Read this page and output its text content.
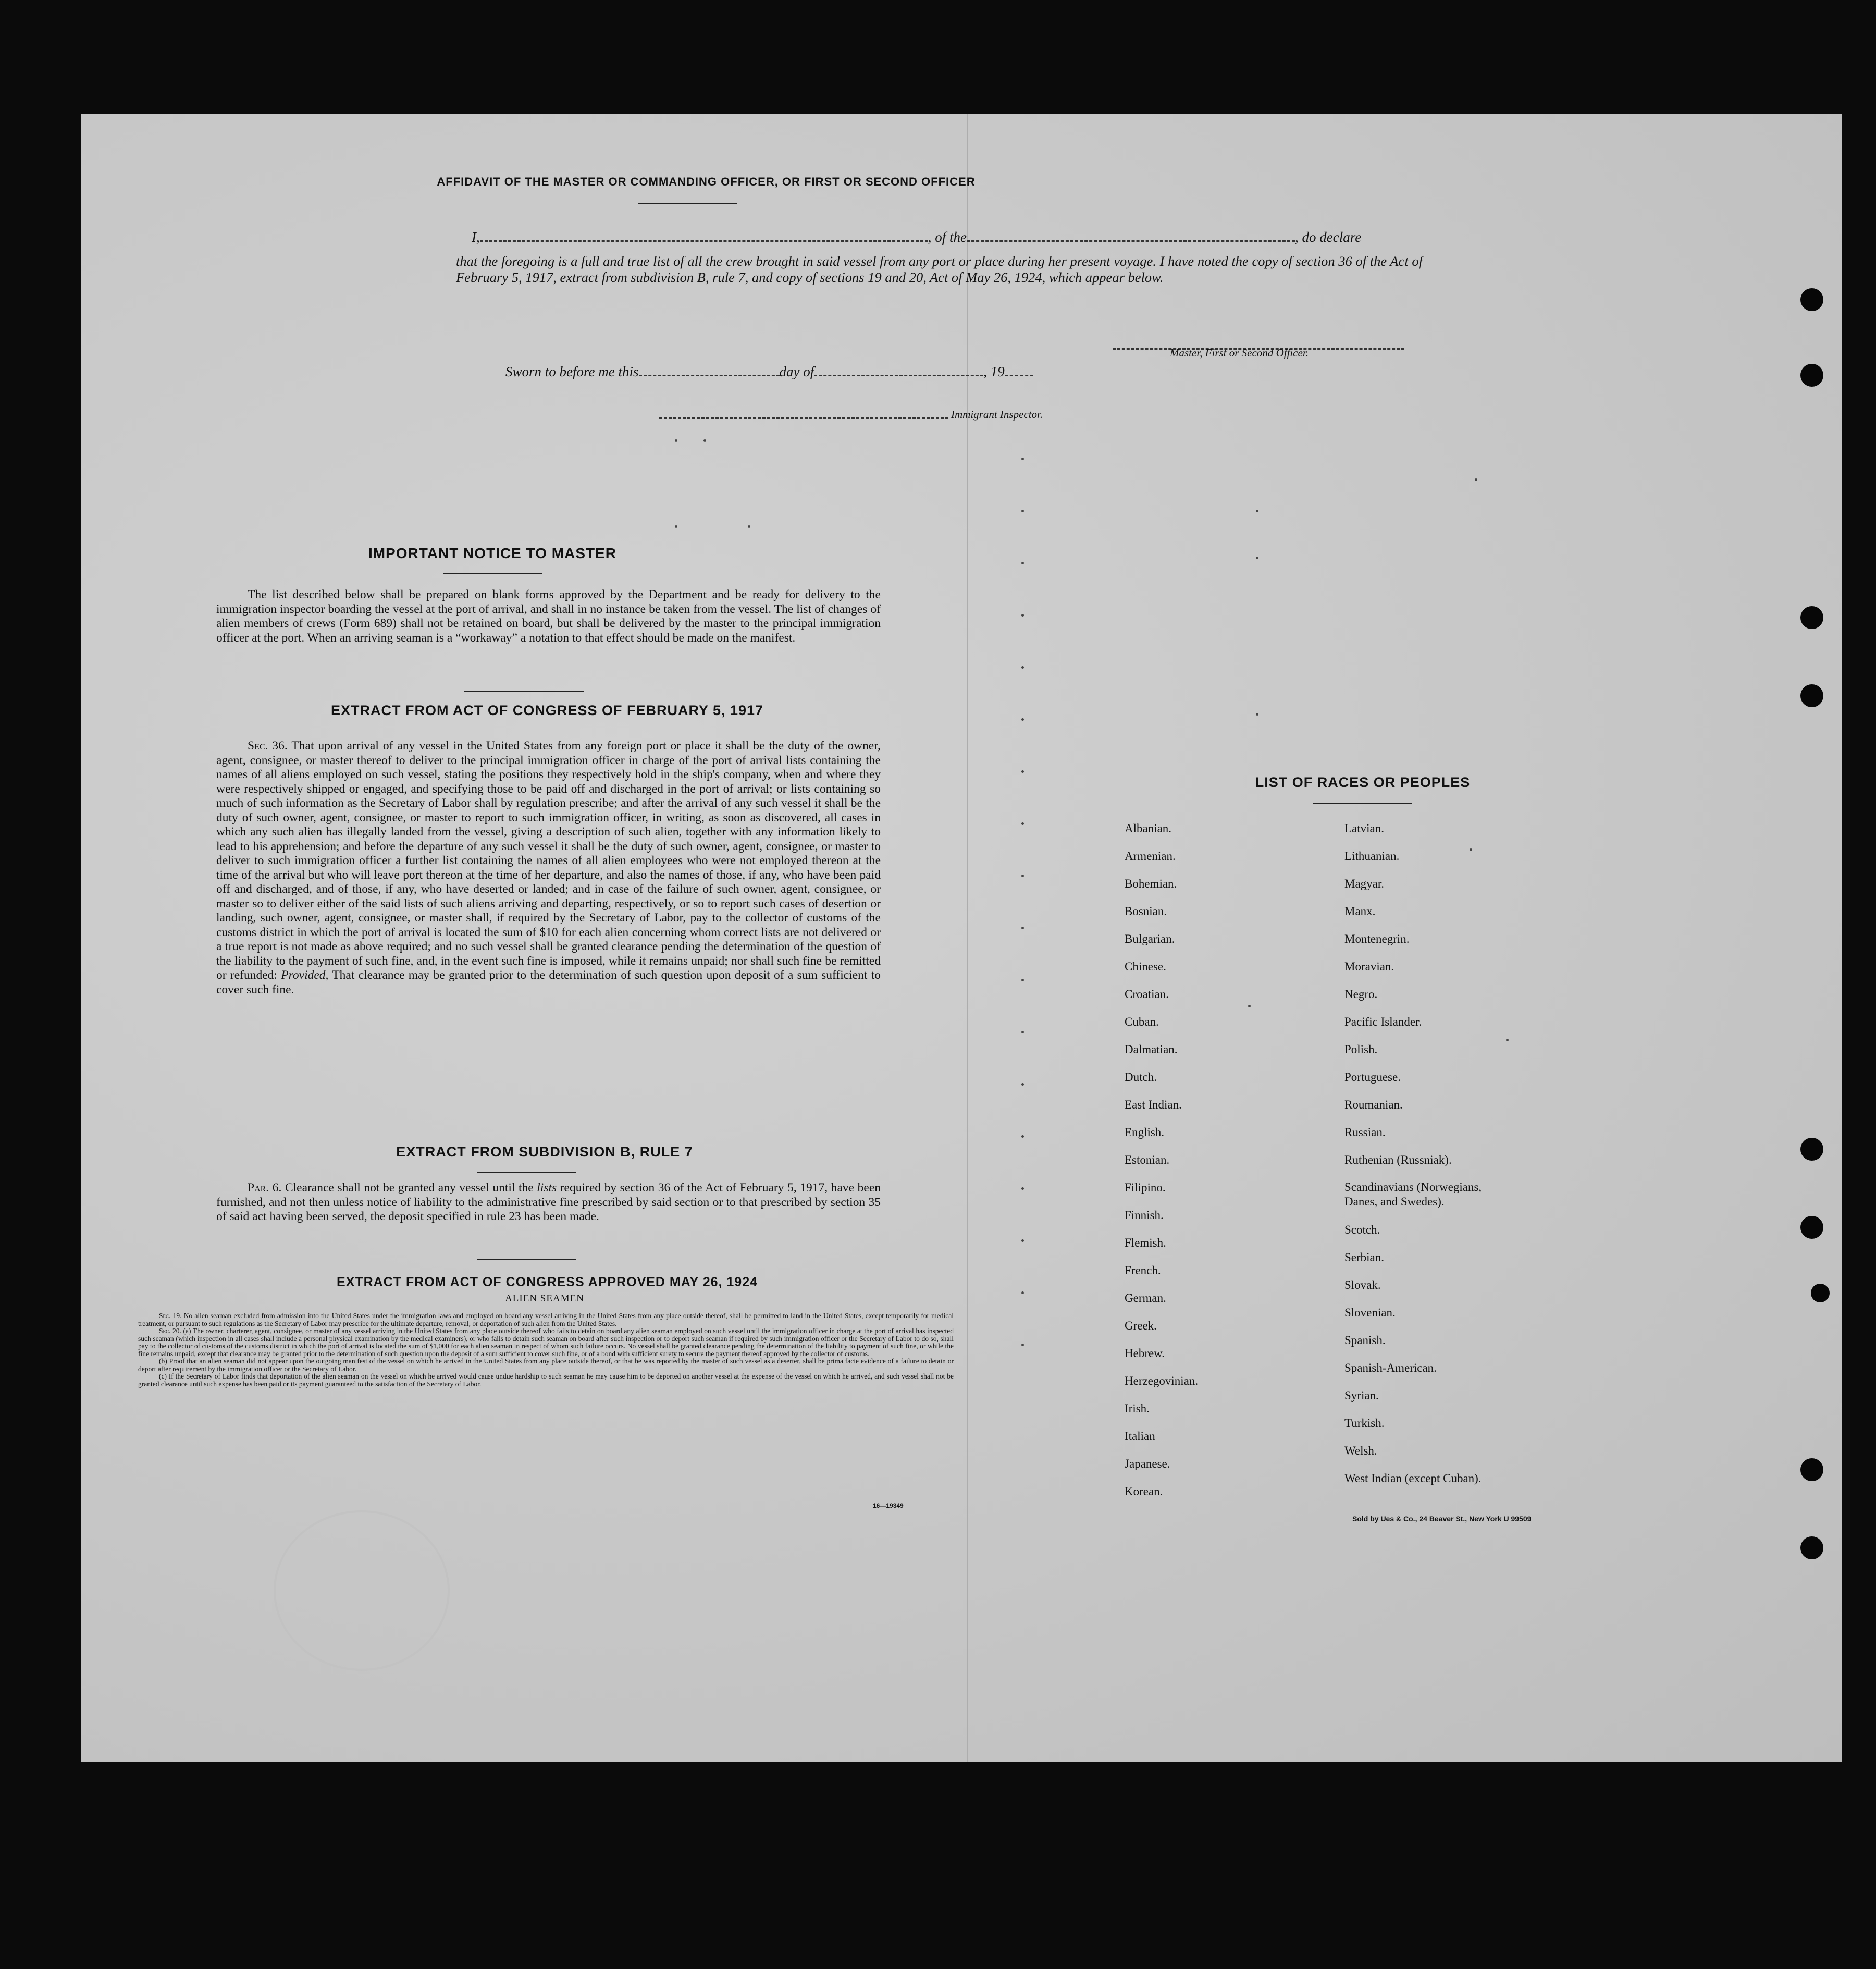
AFFIDAVIT OF THE MASTER OR COMMANDING OFFICER, OR FIRST OR SECOND OFFICER
I,	, of the	, do declare
that the foregoing is a full and true list of all the crew brought in said vessel from any port or place during her present voyage. I have noted the copy of section 36 of the Act of February 5, 1917, extract from subdivision B, rule 7, and copy of sections 19 and 20, Act of May 26, 1924, which appear below.
Master, First or Second Officer.
Sworn to before me this	day of	, 19
Immigrant Inspector.
IMPORTANT NOTICE TO MASTER

The list described below shall be prepared on blank forms approved by the Department and be ready for delivery to the immigration inspector boarding the vessel at the port of arrival, and shall in no instance be taken from the vessel. The list of changes of alien members of crews (Form 689) shall not be retained on board, but shall be delivered by the master to the principal immigration officer at the port. When an arriving seaman is a “workaway” a notation to that effect should be made on the manifest.

EXTRACT FROM ACT OF CONGRESS OF FEBRUARY 5, 1917

Sec. 36. That upon arrival of any vessel in the United States from any foreign port or place it shall be the duty of the owner, agent, consignee, or master thereof to deliver to the principal immigration officer in charge of the port of arrival lists containing the names of all aliens employed on such vessel, stating the positions they respectively hold in the ship's company, when and where they were respectively shipped or engaged, and specifying those to be paid off and discharged in the port of arrival; or lists containing so much of such information as the Secretary of Labor shall by regulation prescribe; and after the arrival of any such vessel it shall be the duty of such owner, agent, consignee, or master to report to such immigration officer, in writing, as soon as discovered, all cases in which any such alien has illegally landed from the vessel, giving a description of such alien, together with any information likely to lead to his apprehension; and before the departure of any such vessel it shall be the duty of such owner, agent, consignee, or master to deliver to such immigration officer a further list containing the names of all alien employees who were not employed thereon at the time of the arrival but who will leave port thereon at the time of her departure, and also the names of those, if any, who have been paid off and discharged, and of those, if any, who have deserted or landed; and in case of the failure of such owner, agent, consignee, or master so to deliver either of the said lists of such aliens arriving and departing, respectively, or so to report such cases of desertion or landing, such owner, agent, consignee, or master shall, if required by the Secretary of Labor, pay to the collector of customs of the customs district in which the port of arrival is located the sum of $10 for each alien concerning whom correct lists are not delivered or a true report is not made as above required; and no such vessel shall be granted clearance pending the determination of the question of the liability to the payment of such fine, and, in the event such fine is imposed, while it remains unpaid; nor shall such fine be remitted or refunded: Provided, That clearance may be granted prior to the determination of such question upon deposit of a sum sufficient to cover such fine.

EXTRACT FROM SUBDIVISION B, RULE 7

Par. 6. Clearance shall not be granted any vessel until the lists required by section 36 of the Act of February 5, 1917, have been furnished, and not then unless notice of liability to the administrative fine prescribed by said section or to that prescribed by section 35 of said act having been served, the deposit specified in rule 23 has been made.

EXTRACT FROM ACT OF CONGRESS APPROVED MAY 26, 1924
ALIEN SEAMEN

Sec. 19. No alien seaman excluded from admission into the United States under the immigration laws and employed on board any vessel arriving in the United States from any place outside thereof, shall be permitted to land in the United States, except temporarily for medical treatment, or pursuant to such regulations as the Secretary of Labor may prescribe for the ultimate departure, removal, or deportation of such alien from the United States.

Sec. 20. (a) The owner, charterer, agent, consignee, or master of any vessel arriving in the United States from any place outside thereof who fails to detain on board any alien seaman employed on such vessel until the immigration officer in charge at the port of arrival has inspected such seaman (which inspection in all cases shall include a personal physical examination by the medical examiners), or who fails to detain such seaman on board after such inspection or to deport such seaman if required by such immigration officer or the Secretary of Labor to do so, shall pay to the collector of customs of the customs district in which the port of arrival is located the sum of $1,000 for each alien seaman in respect of whom such failure occurs. No vessel shall be granted clearance pending the determination of the liability to payment of such fine, or while the fine remains unpaid, except that clearance may be granted prior to the determination of such question upon the deposit of a sum sufficient to cover such fine, or of a bond with sufficient surety to secure the payment thereof approved by the collector of customs.

(b) Proof that an alien seaman did not appear upon the outgoing manifest of the vessel on which he arrived in the United States from any place outside thereof, or that he was reported by the master of such vessel as a deserter, shall be prima facie evidence of a failure to detain or deport after requirement by the immigration officer or the Secretary of Labor.

(c) If the Secretary of Labor finds that deportation of the alien seaman on the vessel on which he arrived would cause undue hardship to such seaman he may cause him to be deported on another vessel at the expense of the vessel on which he arrived, and such vessel shall not be granted clearance until such expense has been paid or its payment guaranteed to the satisfaction of the Secretary of Labor.

16—19349
LIST OF RACES OR PEOPLES
Albanian.
Armenian.
Bohemian.
Bosnian.
Bulgarian.
Chinese.
Croatian.
Cuban.
Dalmatian.
Dutch.
East Indian.
English.
Estonian.
Filipino.
Finnish.
Flemish.
French.
German.
Greek.
Hebrew.
Herzegovinian.
Irish.
Italian
Japanese.
Korean.
Latvian.
Lithuanian.
Magyar.
Manx.
Montenegrin.
Moravian.
Negro.
Pacific Islander.
Polish.
Portuguese.
Roumanian.
Russian.
Ruthenian (Russniak).
Scandinavians (Norwegians, Danes, and Swedes).
Scotch.
Serbian.
Slovak.
Slovenian.
Spanish.
Spanish-American.
Syrian.
Turkish.
Welsh.
West Indian (except Cuban).
Sold by Ues & Co., 24 Beaver St., New York U 99509
